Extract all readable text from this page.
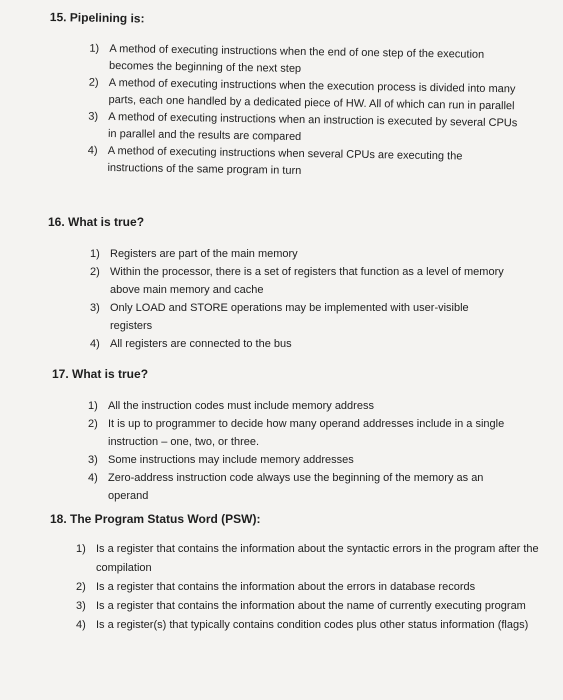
15. Pipelining is:
1) A method of executing instructions when the end of one step of the execution becomes the beginning of the next step
2) A method of executing instructions when the execution process is divided into many parts, each one handled by a dedicated piece of HW. All of which can run in parallel
3) A method of executing instructions when an instruction is executed by several CPUs in parallel and the results are compared
4) A method of executing instructions when several CPUs are executing the instructions of the same program in turn
16. What is true?
1) Registers are part of the main memory
2) Within the processor, there is a set of registers that function as a level of memory above main memory and cache
3) Only LOAD and STORE operations may be implemented with user-visible registers
4) All registers are connected to the bus
17. What is true?
1) All the instruction codes must include memory address
2) It is up to programmer to decide how many operand addresses include in a single instruction – one, two, or three.
3) Some instructions may include memory addresses
4) Zero-address instruction code always use the beginning of the memory as an operand
18. The Program Status Word (PSW):
1) Is a register that contains the information about the syntactic errors in the program after the compilation
2) Is a register that contains the information about the errors in database records
3) Is a register that contains the information about the name of currently executing program
4) Is a register(s) that typically contains condition codes plus other status information (flags)
